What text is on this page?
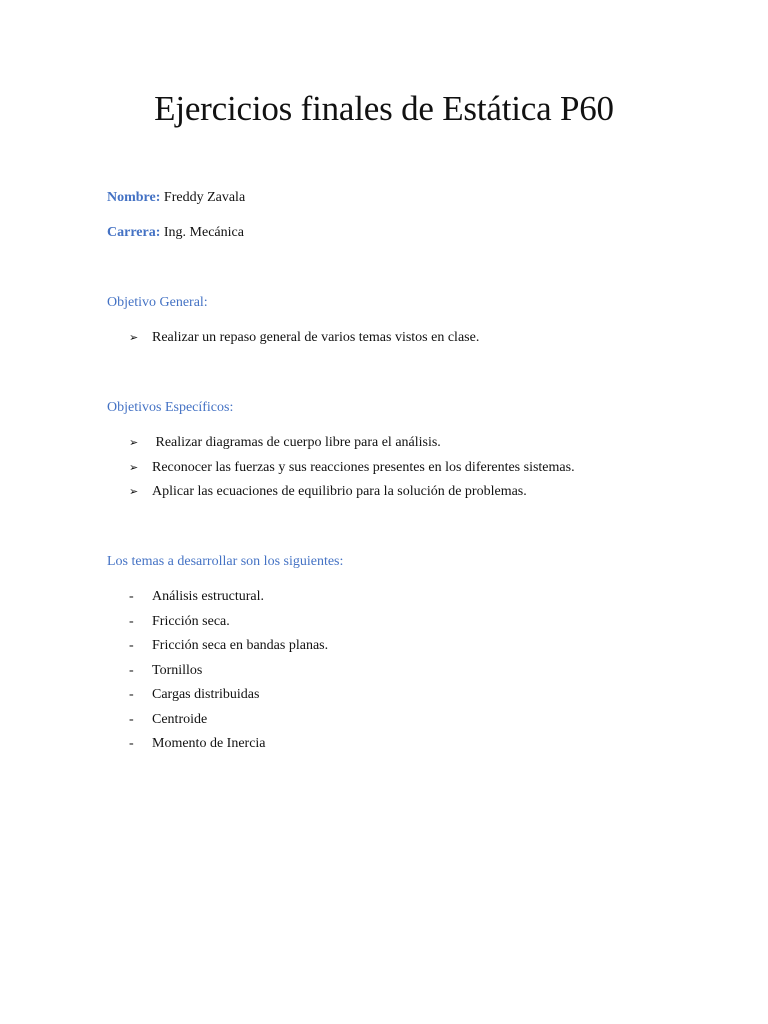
Ejercicios finales de Estática P60
Nombre: Freddy Zavala
Carrera: Ing. Mecánica
Objetivo General:
➢ Realizar un repaso general de varios temas vistos en clase.
Objetivos Específicos:
➢ Realizar diagramas de cuerpo libre para el análisis.
➢ Reconocer las fuerzas y sus reacciones presentes en los diferentes sistemas.
➢ Aplicar las ecuaciones de equilibrio para la solución de problemas.
Los temas a desarrollar son los siguientes:
- Análisis estructural.
- Fricción seca.
- Fricción seca en bandas planas.
- Tornillos
- Cargas distribuidas
- Centroide
- Momento de Inercia
